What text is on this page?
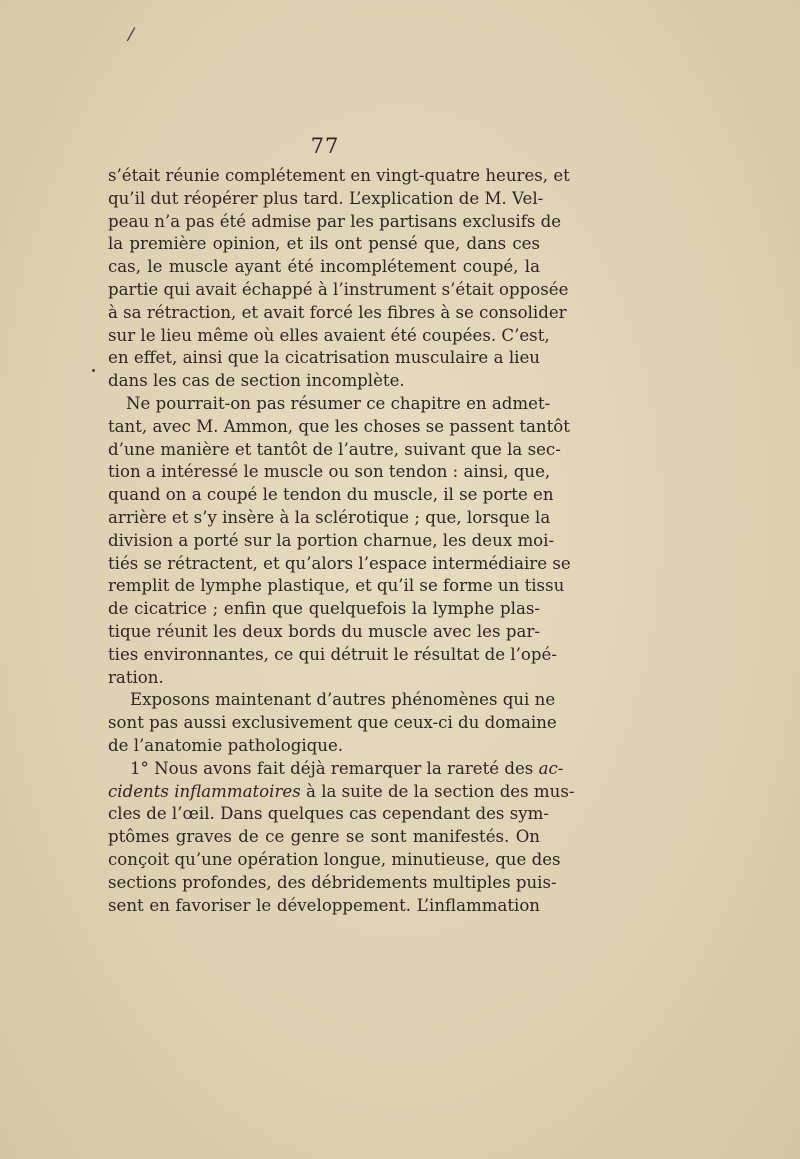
/
77
s’était réunie complétement en vingt-quatre heures, et
qu’il dut réopérer plus tard. L’explication de M. Vel-
peau n’a pas été admise par les partisans exclusifs de
la première opinion, et ils ont pensé que, dans ces
cas, le muscle ayant été incomplétement coupé, la
partie qui avait échappé à l’instrument s’était opposée
à sa rétraction, et avait forcé les fibres à se consolider
sur le lieu même où elles avaient été coupées. C’est,
en effet, ainsi que la cicatrisation musculaire a lieu
dans les cas de section incomplète.
Ne pourrait-on pas résumer ce chapitre en admet-
tant, avec M. Ammon, que les choses se passent tantôt
d’une manière et tantôt de l’autre, suivant que la sec-
tion a intéressé le muscle ou son tendon : ainsi, que,
quand on a coupé le tendon du muscle, il se porte en
arrière et s’y insère à la sclérotique ; que, lorsque la
division a porté sur la portion charnue, les deux moi-
tiés se rétractent, et qu’alors l’espace intermédiaire se
remplit de lymphe plastique, et qu’il se forme un tissu
de cicatrice ; enfin que quelquefois la lymphe plas-
tique réunit les deux bords du muscle avec les par-
ties environnantes, ce qui détruit le résultat de l’opé-
ration.
Exposons maintenant d’autres phénomènes qui ne
sont pas aussi exclusivement que ceux-ci du domaine
de l’anatomie pathologique.
1° Nous avons fait déjà remarquer la rareté des ac-
cidents inflammatoires à la suite de la section des mus-
cles de l’œil. Dans quelques cas cependant des sym-
ptômes graves de ce genre se sont manifestés. On
conçoit qu’une opération longue, minutieuse, que des
sections profondes, des débridements multiples puis-
sent en favoriser le développement. L’inflammation
